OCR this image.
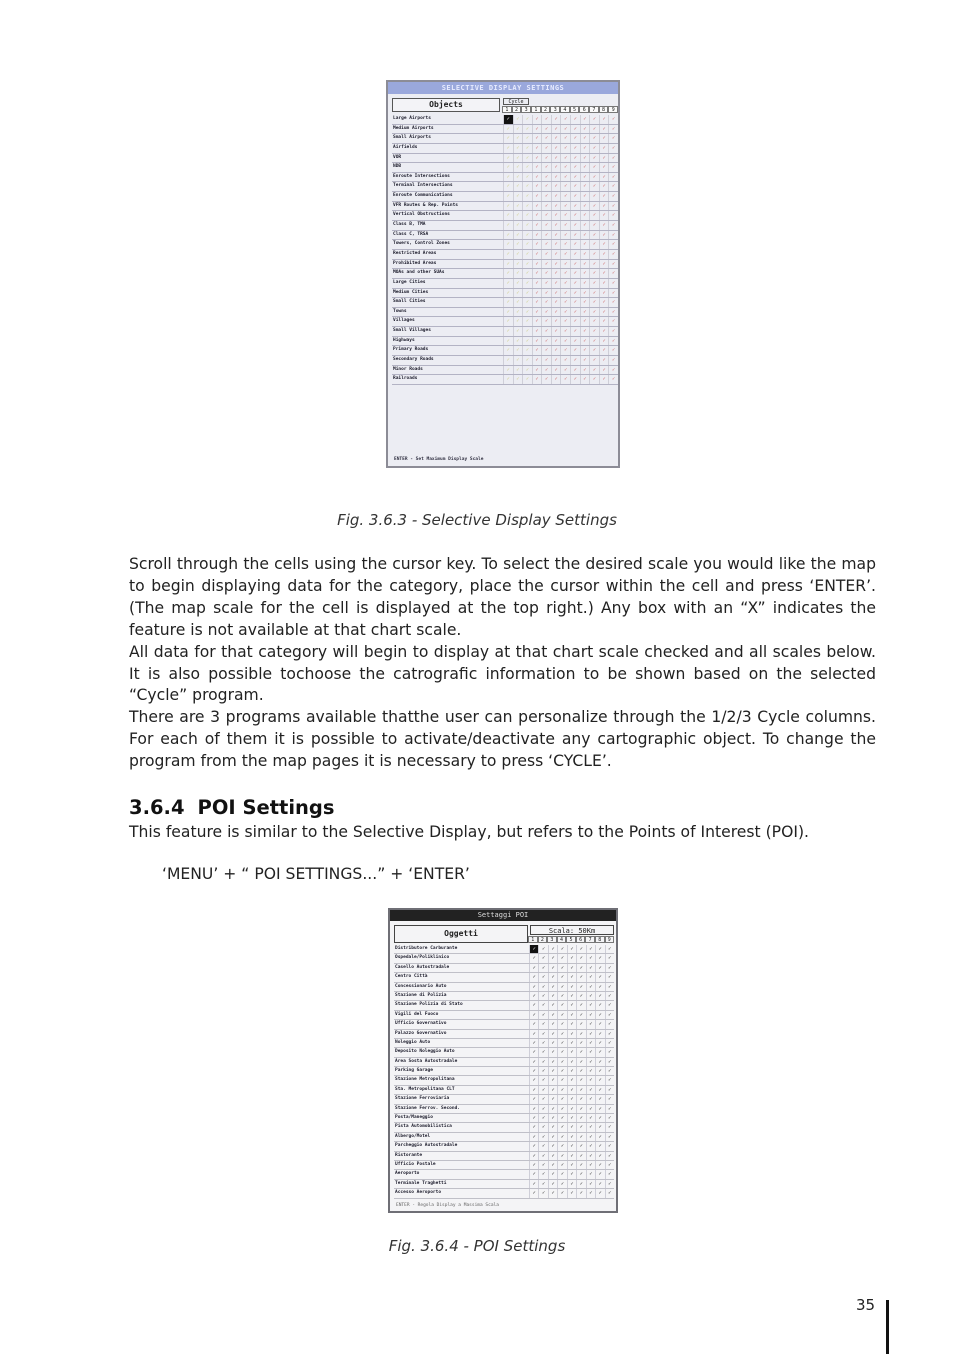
SELECTIVE DISPLAY SETTINGS
Objects	Cycle
1	2	3	1	2	3	4	5	6	7	8	9
Large Airports	✓	✓	✓	✓	✓	✓	✓	✓	✓	✓	✓	✓
Medium Airports	✓	✓	✓	✓	✓	✓	✓	✓	✓	✓	✓	✓
Small Airports	✓	✓	✓	✓	✓	✓	✓	✓	✓	✓	✓	✓
Airfields	✓	✓	✓	✓	✓	✓	✓	✓	✓	✓	✓	✓
VOR	✓	✓	✓	✓	✓	✓	✓	✓	✓	✓	✓	✓
NDB	✓	✓	✓	✓	✓	✓	✓	✓	✓	✓	✓	✓
Enroute Intersections	✓	✓	✓	✓	✓	✓	✓	✓	✓	✓	✓	✓
Terminal Intersections	✓	✓	✓	✓	✓	✓	✓	✓	✓	✓	✓	✓
Enroute Communications	✓	✓	✓	✓	✓	✓	✓	✓	✓	✓	✓	✓
VFR Routes & Rep. Points	✓	✓	✓	✓	✓	✓	✓	✓	✓	✓	✓	✓
Vertical Obstructions	✓	✓	✓	✓	✓	✓	✓	✓	✓	✓	✓	✓
Class B, TMA	✓	✓	✓	✓	✓	✓	✓	✓	✓	✓	✓	✓
Class C, TRSA	✓	✓	✓	✓	✓	✓	✓	✓	✓	✓	✓	✓
Towers, Control Zones	✓	✓	✓	✓	✓	✓	✓	✓	✓	✓	✓	✓
Restricted Areas	✓	✓	✓	✓	✓	✓	✓	✓	✓	✓	✓	✓
Prohibited Areas	✓	✓	✓	✓	✓	✓	✓	✓	✓	✓	✓	✓
MOAs and other SUAs	✓	✓	✓	✓	✓	✓	✓	✓	✓	✓	✓	✓
Large Cities	✓	✓	✓	✓	✓	✓	✓	✓	✓	✓	✓	✓
Medium Cities	✓	✓	✓	✓	✓	✓	✓	✓	✓	✓	✓	✓
Small Cities	✓	✓	✓	✓	✓	✓	✓	✓	✓	✓	✓	✓
Towns	✓	✓	✓	✓	✓	✓	✓	✓	✓	✓	✓	✓
Villages	✓	✓	✓	✓	✓	✓	✓	✓	✓	✓	✓	✓
Small Villages	✓	✓	✓	✓	✓	✓	✓	✓	✓	✓	✓	✓
Highways	✓	✓	✓	✓	✓	✓	✓	✓	✓	✓	✓	✓
Primary Roads	✓	✓	✓	✓	✓	✓	✓	✓	✓	✓	✓	✓
Secondary Roads	✓	✓	✓	✓	✓	✓	✓	✓	✓	✓	✓	✓
Minor Roads	✓	✓	✓	✓	✓	✓	✓	✓	✓	✓	✓	✓
Railroads	✓	✓	✓	✓	✓	✓	✓	✓	✓	✓	✓	✓
ENTER - Set Maximum Display Scale
Fig. 3.6.3 - Selective Display Settings

Scroll through the cells using the cursor key. To select the desired scale you would like the map to begin displaying data for the category, place the cursor within the cell and press ‘ENTER’. (The map scale for the cell is displayed at the top right.) Any box with an “X” indicates the feature is not available at that chart scale.

All data for that category will begin to display at that chart scale checked and all scales below. It is also possible tochoose the catrografic information to be shown based on the selected “Cycle” program.

There are 3 programs available thatthe user can personalize through the 1/2/3 Cycle columns. For each of them it is possible to activate/deactivate any cartographic object. To change the program from the map pages it is necessary to press ‘CYCLE’.

3.6.4 POI Settings
This feature is similar to the Selective Display, but refers to the Points of Interest (POI).
‘MENU’ + “ POI SETTINGS...” + ‘ENTER’
Settaggi POI
Oggetti	Scala: 50Km
1	2	3	4	5	6	7	8	9
Distributore Carburante	✓	✓	✓	✓	✓	✓	✓	✓	✓
Ospedale/Poliklinico	✓	✓	✓	✓	✓	✓	✓	✓	✓
Casello Autostradale	✓	✓	✓	✓	✓	✓	✓	✓	✓
Centro Città	✓	✓	✓	✓	✓	✓	✓	✓	✓
Concessionario Auto	✓	✓	✓	✓	✓	✓	✓	✓	✓
Stazione di Polizia	✓	✓	✓	✓	✓	✓	✓	✓	✓
Stazione Polizia di Stato	✓	✓	✓	✓	✓	✓	✓	✓	✓
Vigili del Fuoco	✓	✓	✓	✓	✓	✓	✓	✓	✓
Ufficio Governativo	✓	✓	✓	✓	✓	✓	✓	✓	✓
Palazzo Governativo	✓	✓	✓	✓	✓	✓	✓	✓	✓
Noleggio Auto	✓	✓	✓	✓	✓	✓	✓	✓	✓
Deposito Noleggio Auto	✓	✓	✓	✓	✓	✓	✓	✓	✓
Area Sosta Autostradale	✓	✓	✓	✓	✓	✓	✓	✓	✓
Parking Garage	✓	✓	✓	✓	✓	✓	✓	✓	✓
Stazione Metropolitana	✓	✓	✓	✓	✓	✓	✓	✓	✓
Sta. Metropolitana CLT	✓	✓	✓	✓	✓	✓	✓	✓	✓
Stazione Ferroviaria	✓	✓	✓	✓	✓	✓	✓	✓	✓
Stazione Ferrov. Second.	✓	✓	✓	✓	✓	✓	✓	✓	✓
Posta/Maneggio	✓	✓	✓	✓	✓	✓	✓	✓	✓
Pista Automobilistica	✓	✓	✓	✓	✓	✓	✓	✓	✓
Albergo/Motel	✓	✓	✓	✓	✓	✓	✓	✓	✓
Parcheggio Autostradale	✓	✓	✓	✓	✓	✓	✓	✓	✓
Ristorante	✓	✓	✓	✓	✓	✓	✓	✓	✓
Ufficio Postale	✓	✓	✓	✓	✓	✓	✓	✓	✓
Aeroporto	✓	✓	✓	✓	✓	✓	✓	✓	✓
Terminale Traghetti	✓	✓	✓	✓	✓	✓	✓	✓	✓
Accesso Aeroporto	✓	✓	✓	✓	✓	✓	✓	✓	✓
ENTER - Regola Display a Massima Scala
Fig. 3.6.4 - POI Settings
35
